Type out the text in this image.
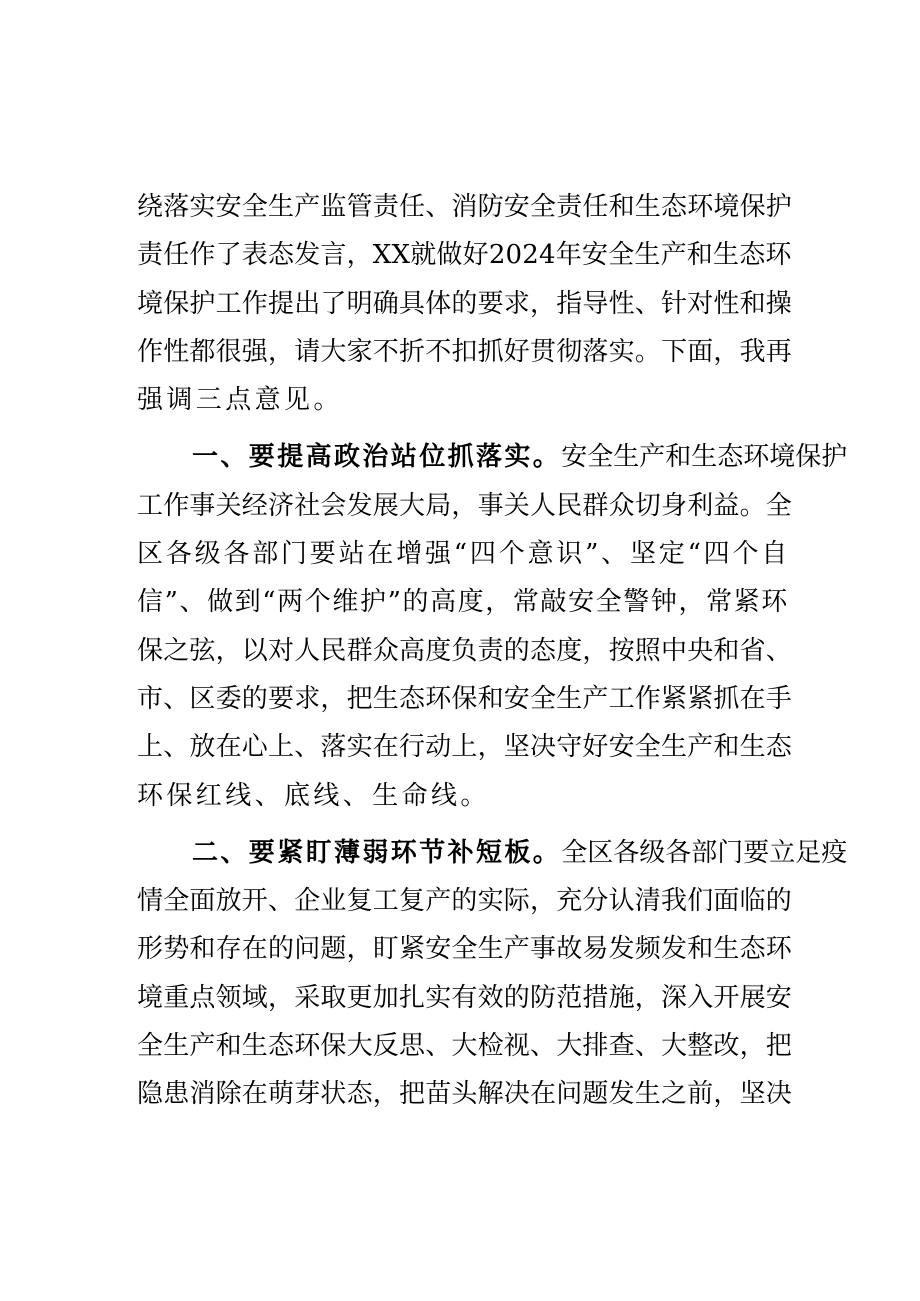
绕落实安全生产监管责任、消防安全责任和生态环境保护
责任作了表态发言，XX就做好2024年安全生产和生态环
境保护工作提出了明确具体的要求，指导性、针对性和操
作性都很强，请大家不折不扣抓好贯彻落实。下面，我再
强调三点意见。

一、要提高政治站位抓落实。安全生产和生态环境保护
工作事关经济社会发展大局，事关人民群众切身利益。全
区各级各部门要站在增强“四个意识”、坚定“四个自
信”、做到“两个维护”的高度，常敲安全警钟，常紧环
保之弦，以对人民群众高度负责的态度，按照中央和省、
市、区委的要求，把生态环保和安全生产工作紧紧抓在手
上、放在心上、落实在行动上，坚决守好安全生产和生态
环保红线、底线、生命线。

二、要紧盯薄弱环节补短板。全区各级各部门要立足疫
情全面放开、企业复工复产的实际，充分认清我们面临的
形势和存在的问题，盯紧安全生产事故易发频发和生态环
境重点领域，采取更加扎实有效的防范措施，深入开展安
全生产和生态环保大反思、大检视、大排查、大整改，把
隐患消除在萌芽状态，把苗头解决在问题发生之前，坚决
